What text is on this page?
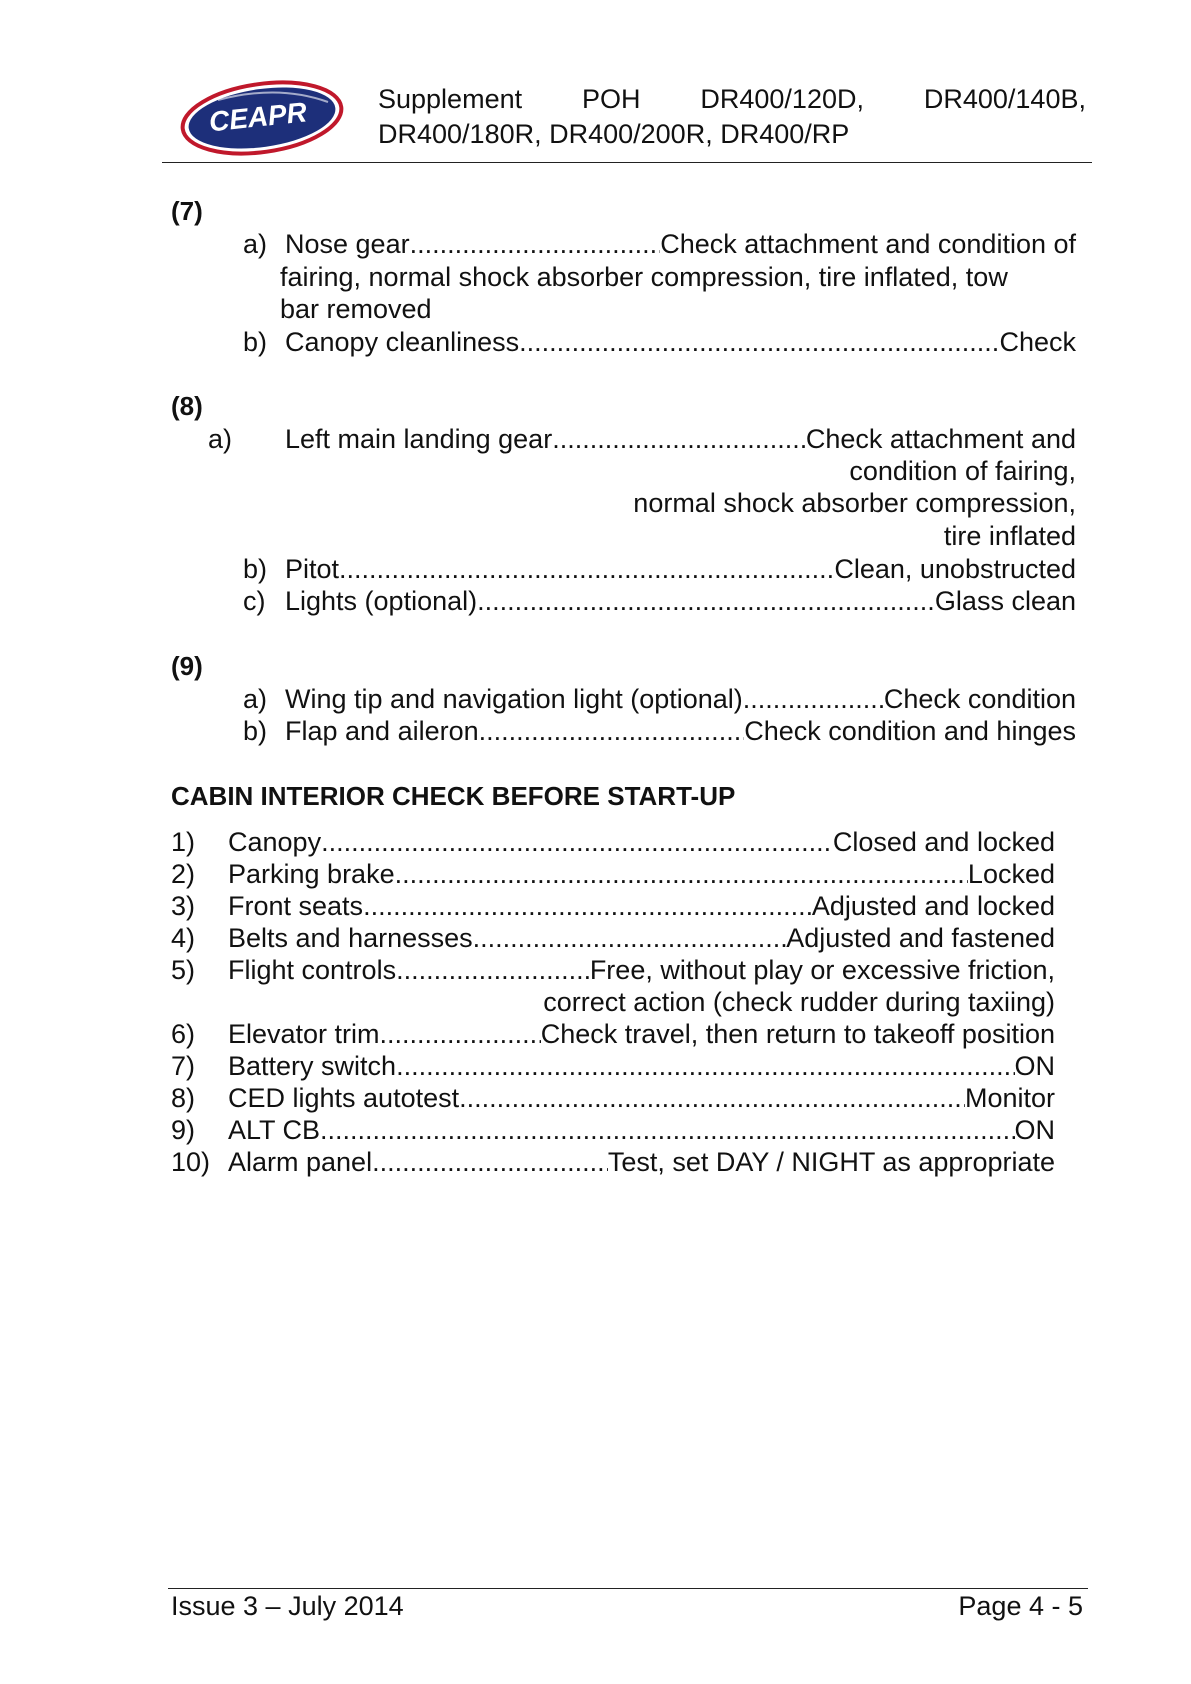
CEAPR	Supplement POH DR400/120D, DR400/140B,
DR400/180R, DR400/200R, DR400/RP
(7)
a) Nose gear .....	Check attachment and condition of
fairing, normal shock absorber compression, tire inflated, tow
bar removed
b) Canopy cleanliness .....	Check
(8)
a) Left main landing gear .....	Check attachment and
condition of fairing,
normal shock absorber compression,
tire inflated
b) Pitot .....	Clean, unobstructed
c) Lights (optional) .....	Glass clean
(9)
a) Wing tip and navigation light (optional) .....	Check condition
b) Flap and aileron .....	Check condition and hinges
CABIN INTERIOR CHECK BEFORE START-UP
1) Canopy .....	Closed and locked
2) Parking brake .....	Locked
3) Front seats .....	Adjusted and locked
4) Belts and harnesses .....	Adjusted and fastened
5) Flight controls .....	Free, without play or excessive friction,
correct action (check rudder during taxiing)
6) Elevator trim .....	Check travel, then return to takeoff position
7) Battery switch .....	ON
8) CED lights autotest .....	Monitor
9) ALT CB .....	ON
10) Alarm panel .....	Test, set DAY / NIGHT as appropriate
Issue 3 – July 2014	Page 4 - 5
